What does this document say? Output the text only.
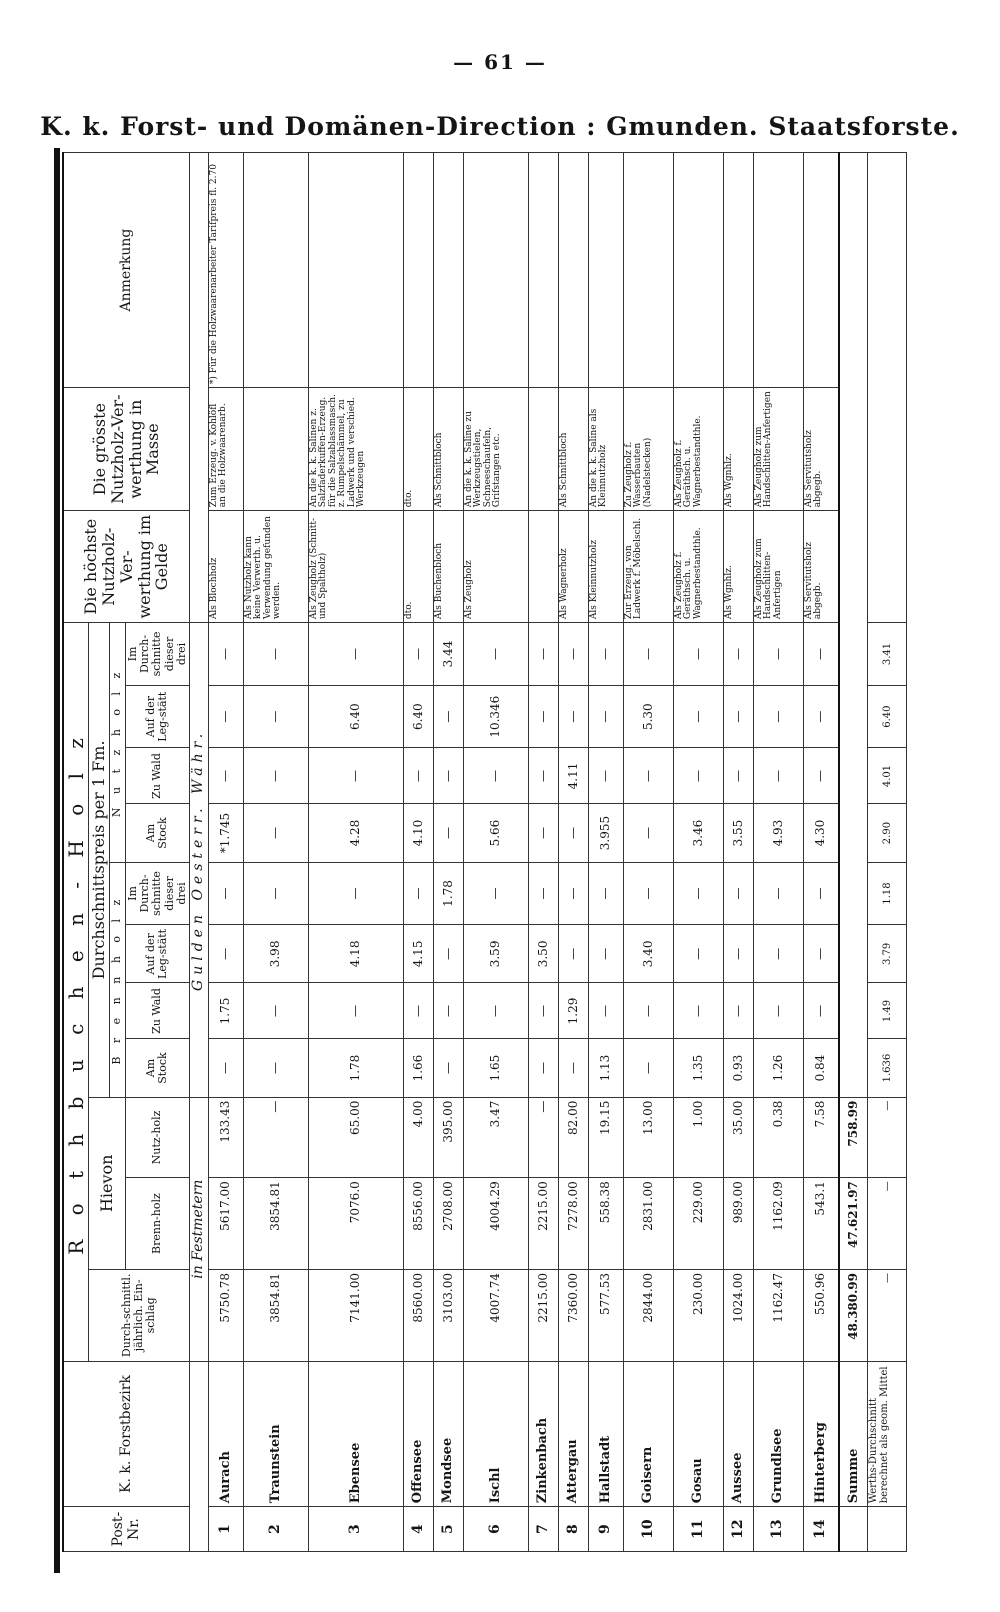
— 61 —
K. k. Forst- und Domänen-Direction : Gmunden. Staatsforste.
Post-Nr.	K. k. Forstbezirk	R o t h b u c h e n - H o l z											Die höchste Nutzholz-Ver-werthung im Gelde	Die grösste Nutzholz-Ver-werthung in Masse	Anmerkung
		Durch-schnittl. jährlich. Ein-schlag	Hievon		Durchschnittspreis per 1 Fm.										
					B r e n n h o l z				N u t z h o l z						
			Brenn-holz	Nutz-holz	Am Stock	Zu Wald	Auf der Leg-stätt	Im Durch-schnitte dieser drei	Am Stock	Zu Wald	Auf der Leg-stätt	Im Durch-schnitte dieser drei			
		in Festmetern			Gulden Oesterr. Währ.										
1	Aurach	5750.78	5617.00	133.43	—	1.75	—	—	*1.745	—	—	—	Als Blochholz	Zum Erzeug. v. Kohlöfl an die Holzwaarenarb.	*) Für die Holzwaarenarbeiter Tarifpreis fl. 2.70
2	Traunstein	3854.81	3854.81	—	—	—	3.98	—	—	—	—	—	Als Nutzholz kann keine Verwerth. u. Verwendung gefunden werden.		
3	Ebensee	7141.00	7076.0	65.00	1.78	—	4.18	—	4.28	—	6.40	—	Als Zeugholz (Schnitt- und Spaltholz)	An die k. k. Salinen z. Salzfaderkuffen-Erzeug. für die Salzablassmasch. z. Rumpelschämmel, zu Ladwerk und verschied. Werkzeugen	
4	Offensee	8560.00	8556.00	4.00	1.66	—	4.15	—	4.10	—	6.40	—	dto.	dto.	
5	Mondsee	3103.00	2708.00	395.00	—	—	—	1.78	—	—	—	3.44	Als Buchenbloch	Als Schnittbloch	
6	Ischl	4007.74	4004.29	3.47	1.65	—	3.59	—	5.66	—	10.346	—	Als Zeugholz	An die k. k. Saline zu Werkzeugstielen, Schneeschaufeln, Grifstangen etc.	
7	Zinkenbach	2215.00	2215.00	—	—	—	3.50	—	—	—	—	—			
8	Attergau	7360.00	7278.00	82.00	—	1.29	—	—	—	4.11	—	—	Als Wagnerholz	Als Schnittbloch	
9	Hallstadt	577.53	558.38	19.15	1.13	—	—	—	3.955	—	—	—	Als Kleinnutzholz	An die k. k. Saline als Kleinnutzholz	
10	Goisern	2844.00	2831.00	13.00	—	—	3.40	—	—	—	5.30	—	Zur Erzeug. von Ladwerk f. Möbelschl.	Zu Zeugholz f. Wasserbauten (Nadelstecken)	
11	Gosau	230.00	229.00	1.00	1.35	—	—	—	3.46	—	—	—	Als Zeugholz f. Geräthsch. u. Wagnerbestandthle.	Als Zeugholz f. Geräthsch. u. Wagnerbestandthle.	
12	Aussee	1024.00	989.00	35.00	0.93	—	—	—	3.55	—	—	—	Als Wgnhlz.	Als Wgnhlz.	
13	Grundlsee	1162.47	1162.09	0.38	1.26	—	—	—	4.93	—	—	—	Als Zeugholz zum Handschlitten-Anfertigen	Als Zeugholz zum Handschlitten-Anfertigen	
14	Hinterberg	550.96	543.1	7.58	0.84	—	—	—	4.30	—	—	—	Als Servitutsholz abgegb.	Als Servitutsholz abgegb.	
	Summe	48.380.99	47.621.97	758.99											
	Werths-Durchschnitt berechnet als geom. Mittel	—	—	—	1.636	1.49	3.79	1.18	2.90	4.01	6.40	3.41			
